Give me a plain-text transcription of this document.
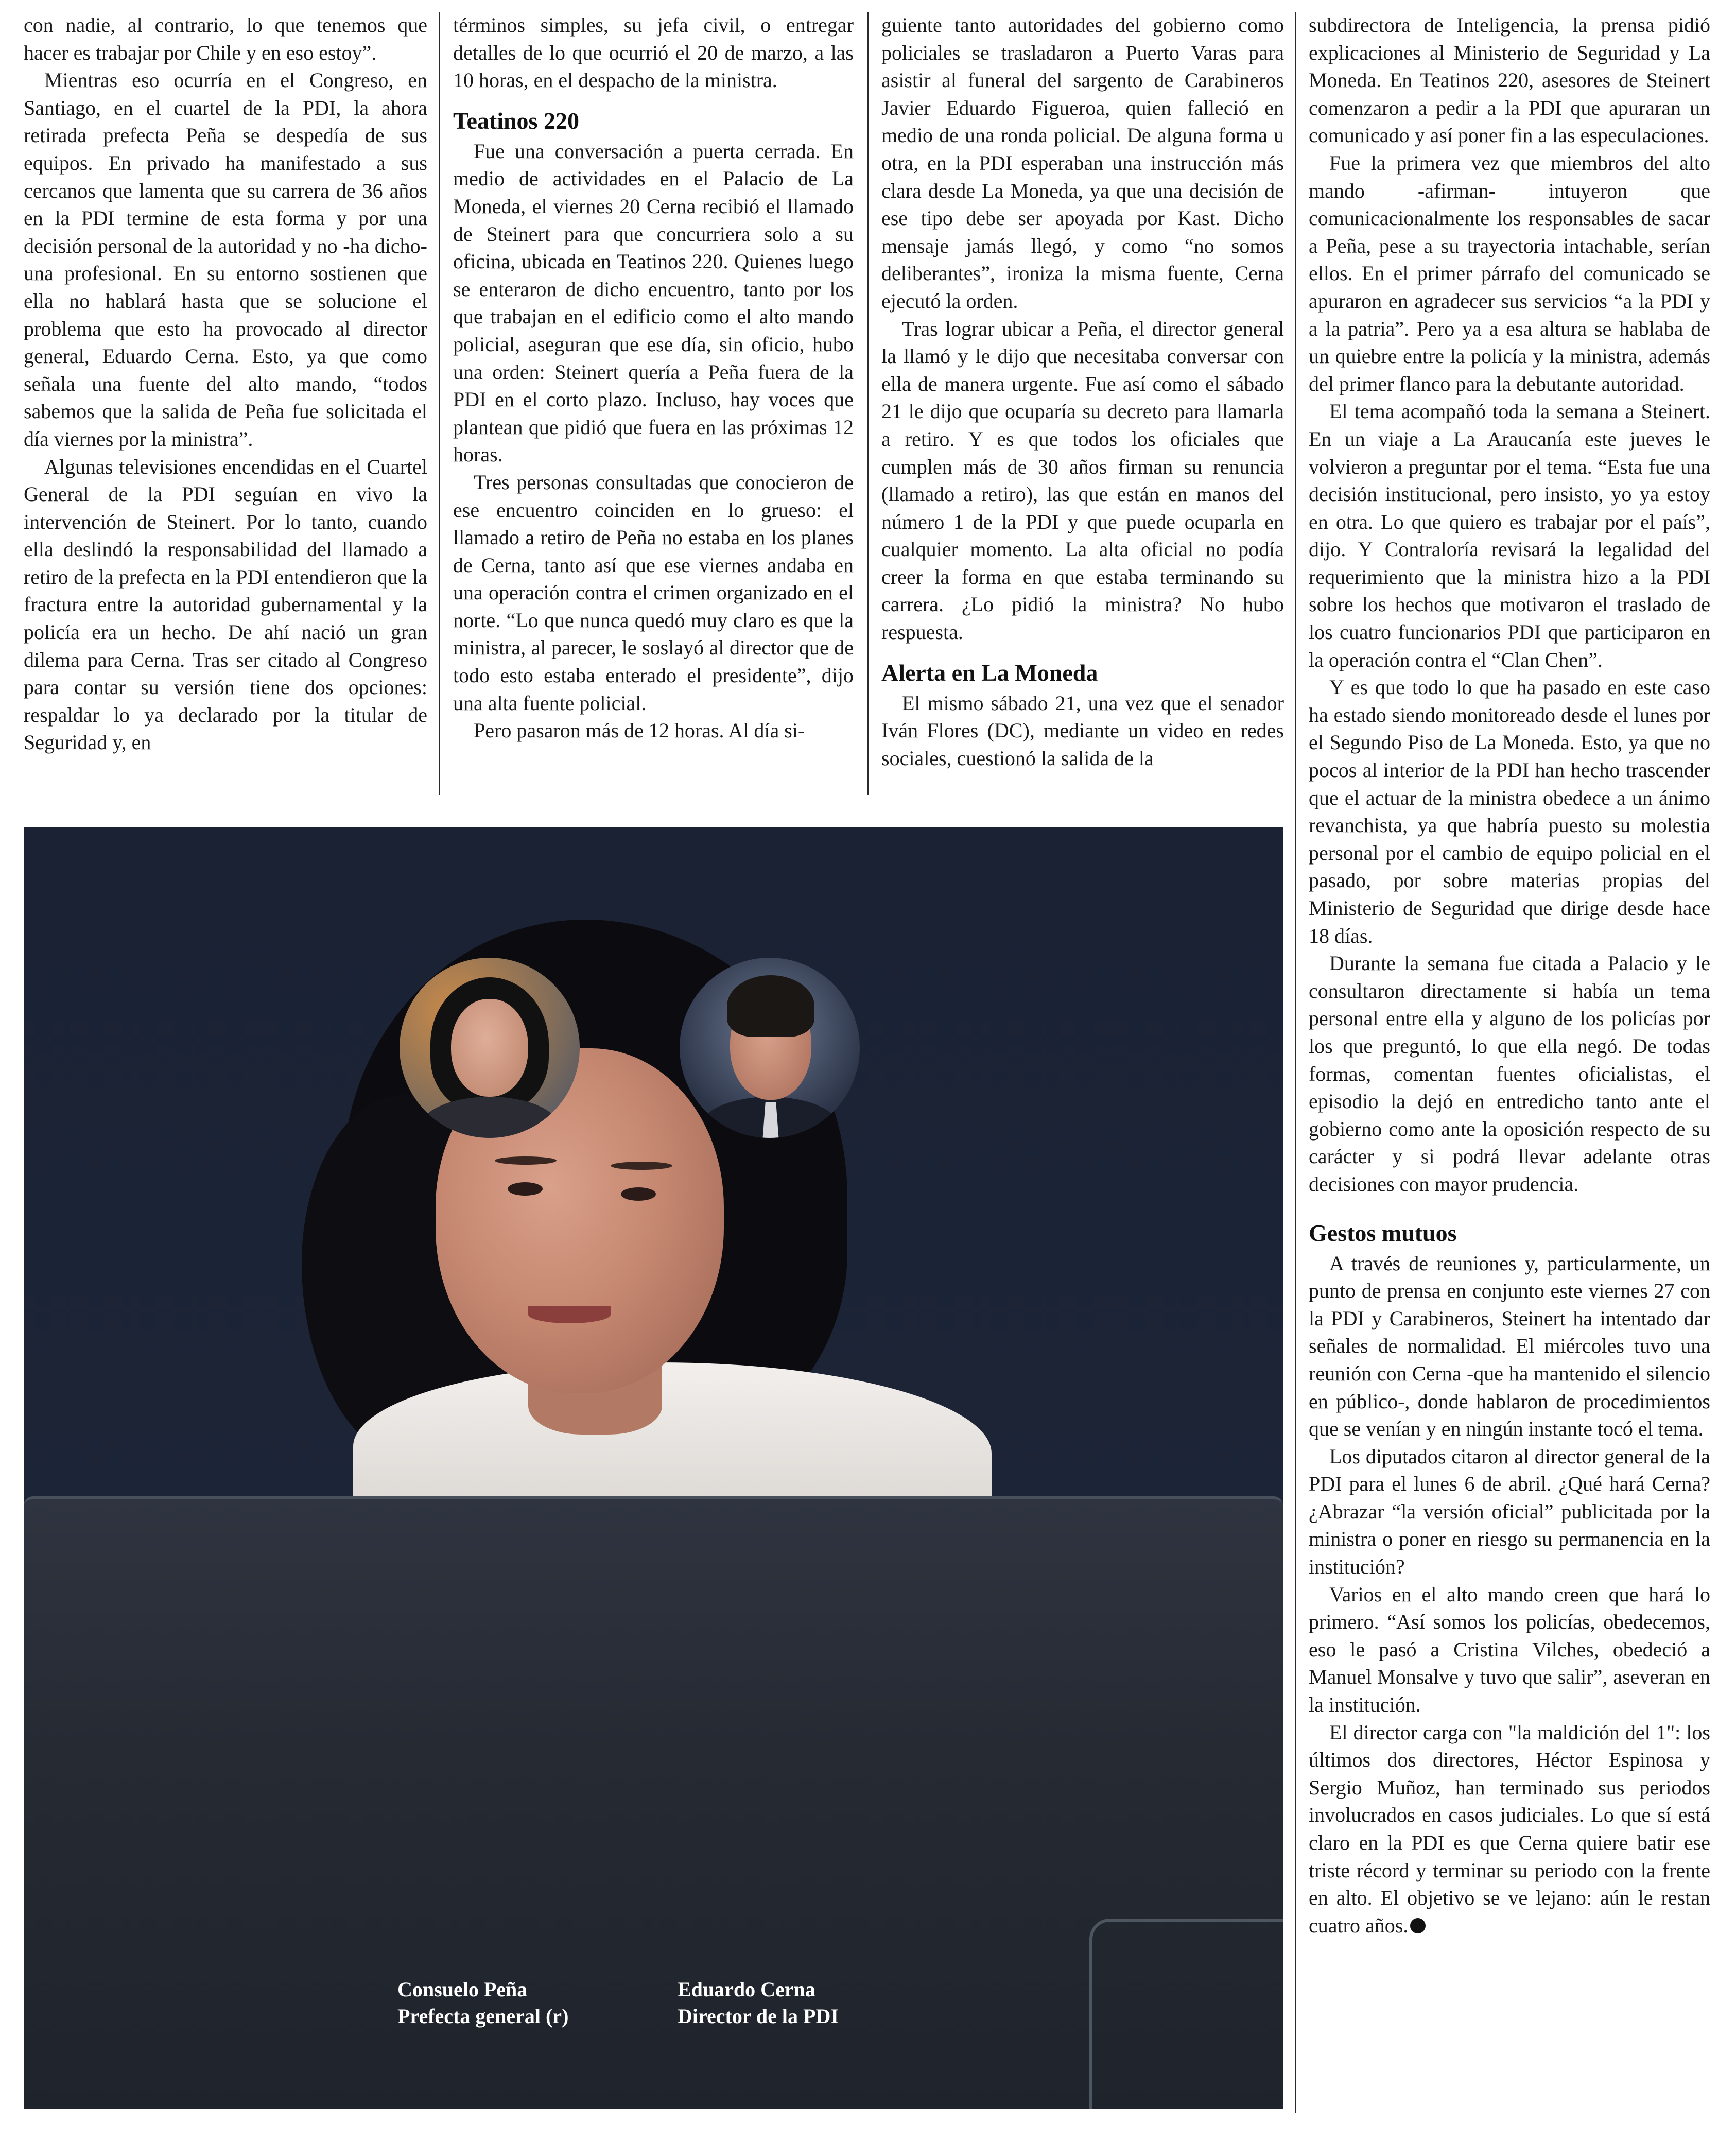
con nadie, al contrario, lo que tenemos que hacer es trabajar por Chile y en eso estoy”.

Mientras eso ocurría en el Congreso, en Santiago, en el cuartel de la PDI, la ahora retirada prefecta Peña se despedía de sus equipos. En privado ha manifestado a sus cercanos que lamenta que su carrera de 36 años en la PDI termine de esta forma y por una decisión personal de la autoridad y no -ha dicho- una profesional. En su entorno sostienen que ella no hablará hasta que se solucione el problema que esto ha provocado al director general, Eduardo Cerna. Esto, ya que como señala una fuente del alto mando, “todos sabemos que la salida de Peña fue solicitada el día viernes por la ministra”.

Algunas televisiones encendidas en el Cuartel General de la PDI seguían en vivo la intervención de Steinert. Por lo tanto, cuando ella deslindó la responsabilidad del llamado a retiro de la prefecta en la PDI entendieron que la fractura entre la autoridad gubernamental y la policía era un hecho. De ahí nació un gran dilema para Cerna. Tras ser citado al Congreso para contar su versión tiene dos opciones: respaldar lo ya declarado por la titular de Seguridad y, en

términos simples, su jefa civil, o entregar detalles de lo que ocurrió el 20 de marzo, a las 10 horas, en el despacho de la ministra.

Teatinos 220

Fue una conversación a puerta cerrada. En medio de actividades en el Palacio de La Moneda, el viernes 20 Cerna recibió el llamado de Steinert para que concurriera solo a su oficina, ubicada en Teatinos 220. Quienes luego se enteraron de dicho encuentro, tanto por los que trabajan en el edificio como el alto mando policial, aseguran que ese día, sin oficio, hubo una orden: Steinert quería a Peña fuera de la PDI en el corto plazo. Incluso, hay voces que plantean que pidió que fuera en las próximas 12 horas.

Tres personas consultadas que conocieron de ese encuentro coinciden en lo grueso: el llamado a retiro de Peña no estaba en los planes de Cerna, tanto así que ese viernes andaba en una operación contra el crimen organizado en el norte. “Lo que nunca quedó muy claro es que la ministra, al parecer, le soslayó al director que de todo esto estaba enterado el presidente”, dijo una alta fuente policial.

Pero pasaron más de 12 horas. Al día si-

guiente tanto autoridades del gobierno como policiales se trasladaron a Puerto Varas para asistir al funeral del sargento de Carabineros Javier Eduardo Figueroa, quien falleció en medio de una ronda policial. De alguna forma u otra, en la PDI esperaban una instrucción más clara desde La Moneda, ya que una decisión de ese tipo debe ser apoyada por Kast. Dicho mensaje jamás llegó, y como “no somos deliberantes”, ironiza la misma fuente, Cerna ejecutó la orden.

Tras lograr ubicar a Peña, el director general la llamó y le dijo que necesitaba conversar con ella de manera urgente. Fue así como el sábado 21 le dijo que ocuparía su decreto para llamarla a retiro. Y es que todos los oficiales que cumplen más de 30 años firman su renuncia (llamado a retiro), las que están en manos del número 1 de la PDI y que puede ocuparla en cualquier momento. La alta oficial no podía creer la forma en que estaba terminando su carrera. ¿Lo pidió la ministra? No hubo respuesta.

Alerta en La Moneda

El mismo sábado 21, una vez que el senador Iván Flores (DC), mediante un video en redes sociales, cuestionó la salida de la

subdirectora de Inteligencia, la prensa pidió explicaciones al Ministerio de Seguridad y La Moneda. En Teatinos 220, asesores de Steinert comenzaron a pedir a la PDI que apuraran un comunicado y así poner fin a las especulaciones.

Fue la primera vez que miembros del alto mando -afirman- intuyeron que comunicacionalmente los responsables de sacar a Peña, pese a su trayectoria intachable, serían ellos. En el primer párrafo del comunicado se apuraron en agradecer sus servicios “a la PDI y a la patria”. Pero ya a esa altura se hablaba de un quiebre entre la policía y la ministra, además del primer flanco para la debutante autoridad.

El tema acompañó toda la semana a Steinert. En un viaje a La Araucanía este jueves le volvieron a preguntar por el tema. “Esta fue una decisión institucional, pero insisto, yo ya estoy en otra. Lo que quiero es trabajar por el país”, dijo. Y Contraloría revisará la legalidad del requerimiento que la ministra hizo a la PDI sobre los hechos que motivaron el traslado de los cuatro funcionarios PDI que participaron en la operación contra el “Clan Chen”.

Y es que todo lo que ha pasado en este caso ha estado siendo monitoreado desde el lunes por el Segundo Piso de La Moneda. Esto, ya que no pocos al interior de la PDI han hecho trascender que el actuar de la ministra obedece a un ánimo revanchista, ya que habría puesto su molestia personal por el cambio de equipo policial en el pasado, por sobre materias propias del Ministerio de Seguridad que dirige desde hace 18 días.

Durante la semana fue citada a Palacio y le consultaron directamente si había un tema personal entre ella y alguno de los policías por los que preguntó, lo que ella negó. De todas formas, comentan fuentes oficialistas, el episodio la dejó en entredicho tanto ante el gobierno como ante la oposición respecto de su carácter y si podrá llevar adelante otras decisiones con mayor prudencia.

Gestos mutuos

A través de reuniones y, particularmente, un punto de prensa en conjunto este viernes 27 con la PDI y Carabineros, Steinert ha intentado dar señales de normalidad. El miércoles tuvo una reunión con Cerna -que ha mantenido el silencio en público-, donde hablaron de procedimientos que se venían y en ningún instante tocó el tema.

Los diputados citaron al director general de la PDI para el lunes 6 de abril. ¿Qué hará Cerna? ¿Abrazar “la versión oficial” publicitada por la ministra o poner en riesgo su permanencia en la institución?

Varios en el alto mando creen que hará lo primero. “Así somos los policías, obedecemos, eso le pasó a Cristina Vilches, obedeció a Manuel Monsalve y tuvo que salir”, aseveran en la institución.

El director carga con "la maldición del 1": los últimos dos directores, Héctor Espinosa y Sergio Muñoz, han terminado sus periodos involucrados en casos judiciales. Lo que sí está claro en la PDI es que Cerna quiere batir ese triste récord y terminar su periodo con la frente en alto. El objetivo se ve lejano: aún le restan cuatro años.

Consuelo Peña
Prefecta general (r)
Eduardo Cerna
Director de la PDI
